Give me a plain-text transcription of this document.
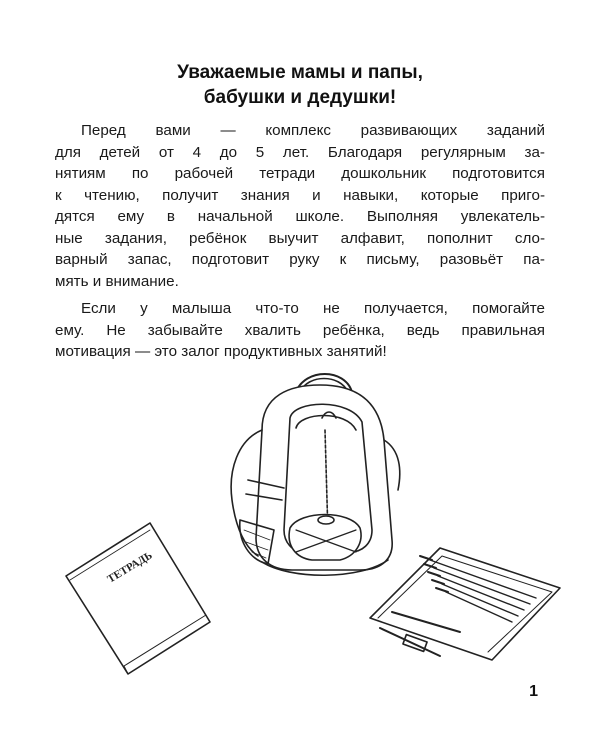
Уважаемые мамы и папы,
бабушки и дедушки!
Перед вами — комплекс развивающих заданий
для детей от 4 до 5 лет. Благодаря регулярным за-
нятиям по рабочей тетради дошкольник подготовится
к чтению, получит знания и навыки, которые приго-
дятся ему в начальной школе. Выполняя увлекатель-
ные задания, ребёнок выучит алфавит, пополнит сло-
варный запас, подготовит руку к письму, разовьёт па-
мять и внимание.
Если у малыша что-то не получается, помогайте
ему. Не забывайте хвалить ребёнка, ведь правильная
мотивация — это залог продуктивных занятий!
ТЕТРАДЬ
1
